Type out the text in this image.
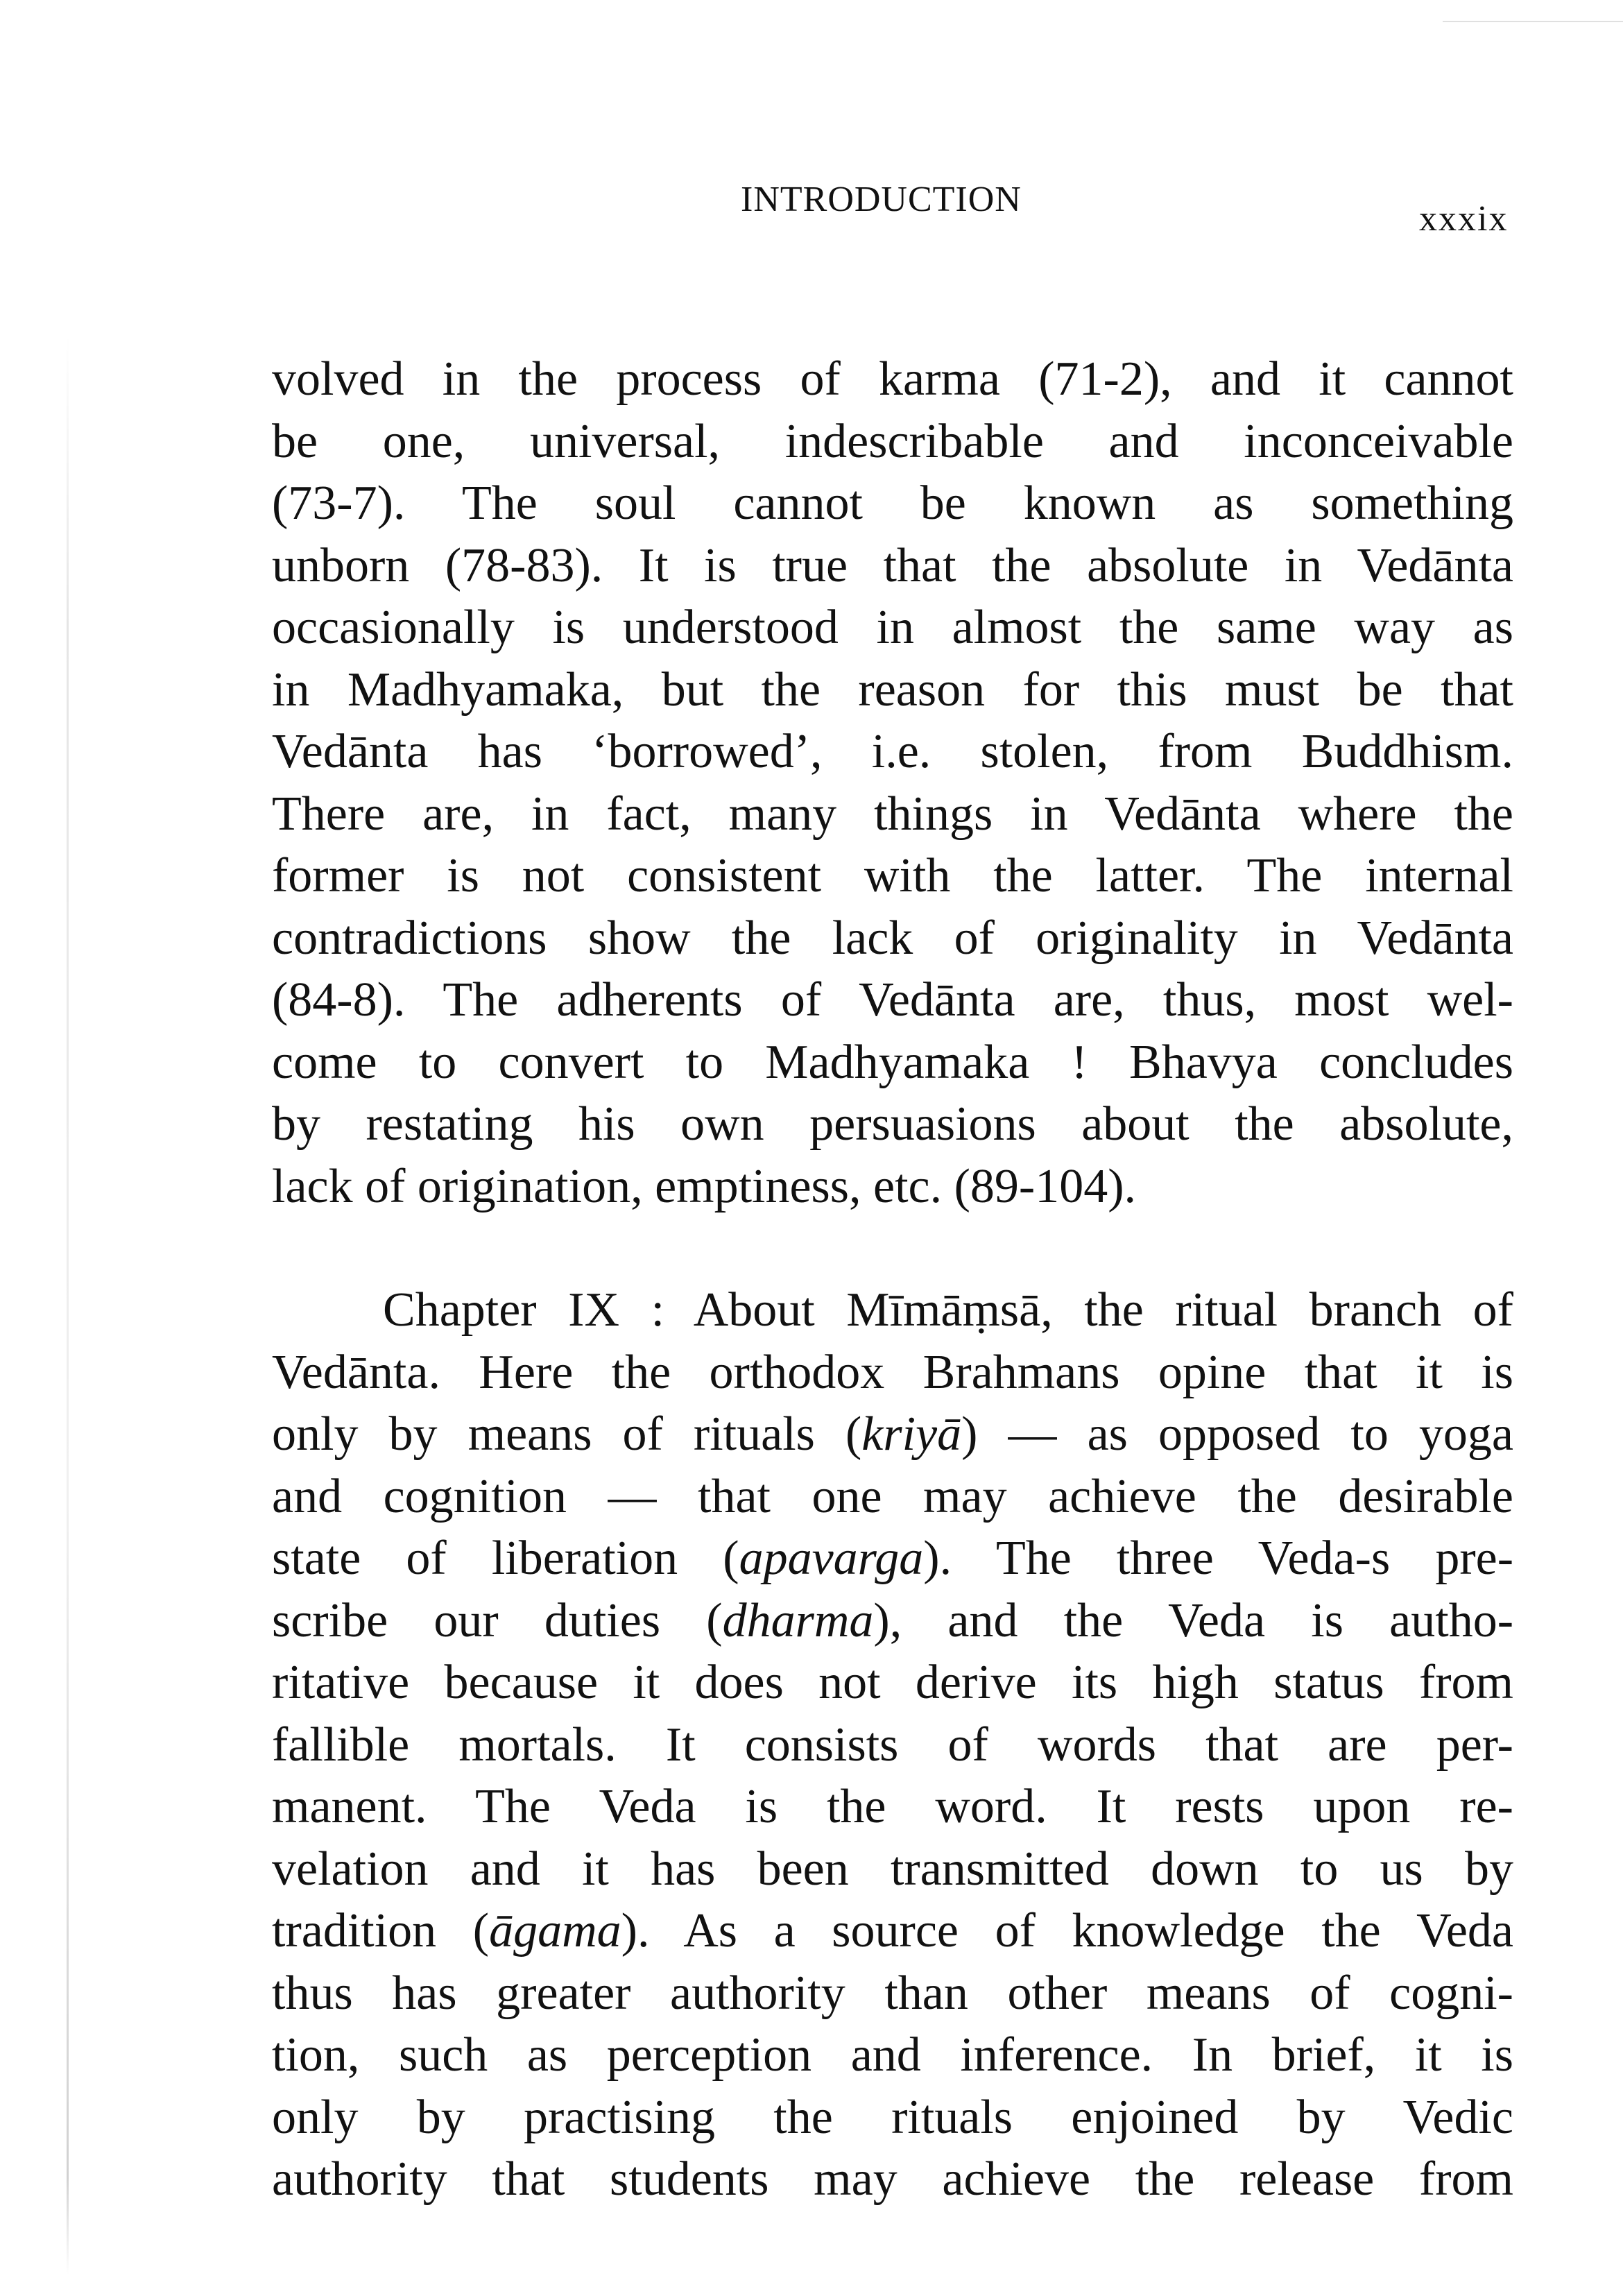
INTRODUCTION	xxxix
volved in the process of karma (71-2), and it cannot
be one, universal, indescribable and inconceivable
(73-7). The soul cannot be known as something
unborn (78-83). It is true that the absolute in Vedānta
occasionally is understood in almost the same way as
in Madhyamaka, but the reason for this must be that
Vedānta has ‘borrowed’, i.e. stolen, from Buddhism.
There are, in fact, many things in Vedānta where the
former is not consistent with the latter. The internal
contradictions show the lack of originality in Vedānta
(84-8). The adherents of Vedānta are, thus, most wel-
come to convert to Madhyamaka ! Bhavya concludes
by restating his own persuasions about the absolute,
lack of origination, emptiness, etc. (89-104).
Chapter IX : About Mīmāṃsā, the ritual branch of
Vedānta. Here the orthodox Brahmans opine that it is
only by means of rituals (kriyā) — as opposed to yoga
and cognition — that one may achieve the desirable
state of liberation (apavarga). The three Veda-s pre-
scribe our duties (dharma), and the Veda is autho-
ritative because it does not derive its high status from
fallible mortals. It consists of words that are per-
manent. The Veda is the word. It rests upon re-
velation and it has been transmitted down to us by
tradition (āgama). As a source of knowledge the Veda
thus has greater authority than other means of cogni-
tion, such as perception and inference. In brief, it is
only by practising the rituals enjoined by Vedic
authority that students may achieve the release from
